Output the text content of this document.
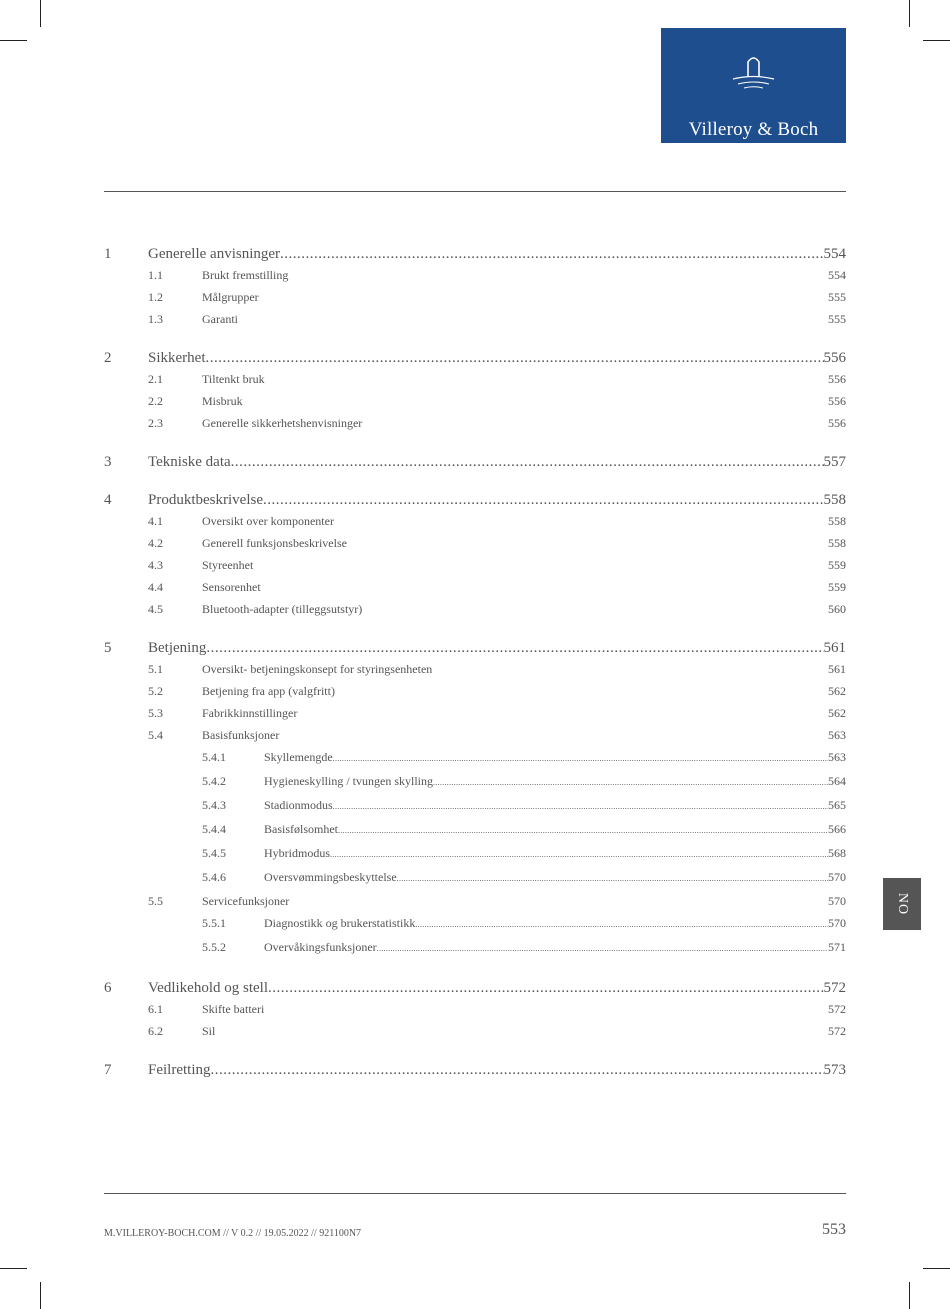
Villeroy & Boch
1748
1	Generelle anvisninger .....	554
1.1	Brukt fremstilling	554
1.2	Målgrupper	555
1.3	Garanti	555
2	Sikkerhet .....	556
2.1	Tiltenkt bruk	556
2.2	Misbruk	556
2.3	Generelle sikkerhetshenvisninger	556
3	Tekniske data .....	557
4	Produktbeskrivelse .....	558
4.1	Oversikt over komponenter	558
4.2	Generell funksjonsbeskrivelse	558
4.3	Styreenhet	559
4.4	Sensorenhet	559
4.5	Bluetooth-adapter (tilleggsutstyr)	560
5	Betjening .....	561
5.1	Oversikt- betjeningskonsept for styringsenheten	561
5.2	Betjening fra app (valgfritt)	562
5.3	Fabrikkinnstillinger	562
5.4	Basisfunksjoner	563
5.4.1	Skyllemengde .....	563
5.4.2	Hygieneskylling / tvungen skylling .....	564
5.4.3	Stadionmodus .....	565
5.4.4	Basisfølsomhet .....	566
5.4.5	Hybridmodus .....	568
5.4.6	Oversvømmingsbeskyttelse .....	570
5.5	Servicefunksjoner	570
5.5.1	Diagnostikk og brukerstatistikk .....	570
5.5.2	Overvåkingsfunksjoner .....	571
6	Vedlikehold og stell .....	572
6.1	Skifte batteri	572
6.2	Sil	572
7	Feilretting .....	573
NO
M.VILLEROY-BOCH.COM // V 0.2 // 19.05.2022 // 921100N7	553
